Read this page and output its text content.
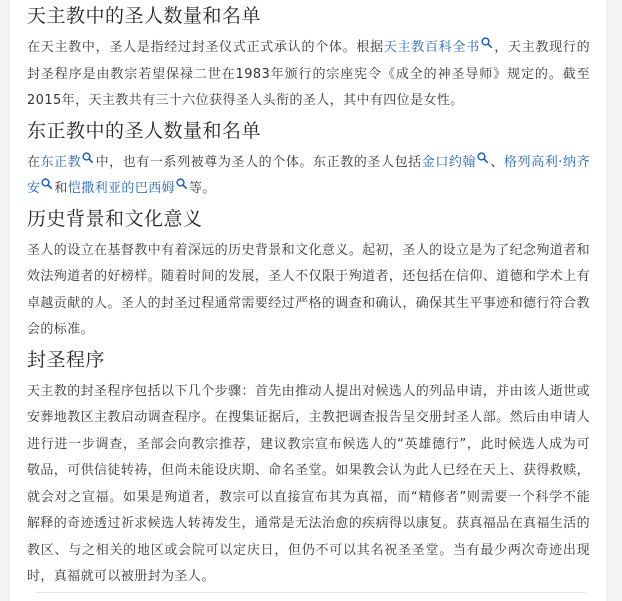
天主教中的圣人数量和名单

在天主教中，圣人是指经过封圣仪式正式承认的个体。根据天主教百科全书 ，天主教现行的封圣程序是由教宗若望保禄二世在1983年颁行的宗座宪令《成全的神圣导师》规定的。截至2015年，天主教共有三十六位获得圣人头衔的圣人，其中有四位是女性。

东正教中的圣人数量和名单

在东正教 中，也有一系列被尊为圣人的个体。东正教的圣人包括金口约翰 、格列高利·纳齐安 和恺撒利亚的巴西姆 等。

历史背景和文化意义

圣人的设立在基督教中有着深远的历史背景和文化意义。起初，圣人的设立是为了纪念殉道者和效法殉道者的好榜样。随着时间的发展，圣人不仅限于殉道者，还包括在信仰、道德和学术上有卓越贡献的人。圣人的封圣过程通常需要经过严格的调查和确认，确保其生平事迹和德行符合教会的标准。

封圣程序

天主教的封圣程序包括以下几个步骤：首先由推动人提出对候选人的列品申请，并由该人逝世或安葬地教区主教启动调查程序。在搜集证据后，主教把调查报告呈交册封圣人部。然后由申请人进行进一步调查，圣部会向教宗推荐，建议教宗宣布候选人的“英雄德行”，此时候选人成为可敬品，可供信徒转祷，但尚未能设庆期、命名圣堂。如果教会认为此人已经在天上、获得救赎，就会对之宣福。如果是殉道者，教宗可以直接宣布其为真福，而“精修者”则需要一个科学不能解释的奇迹透过祈求候选人转祷发生，通常是无法治愈的疾病得以康复。获真福品在真福生活的教区、与之相关的地区或会院可以定庆日，但仍不可以其名祝圣圣堂。当有最少两次奇迹出现时，真福就可以被册封为圣人。
